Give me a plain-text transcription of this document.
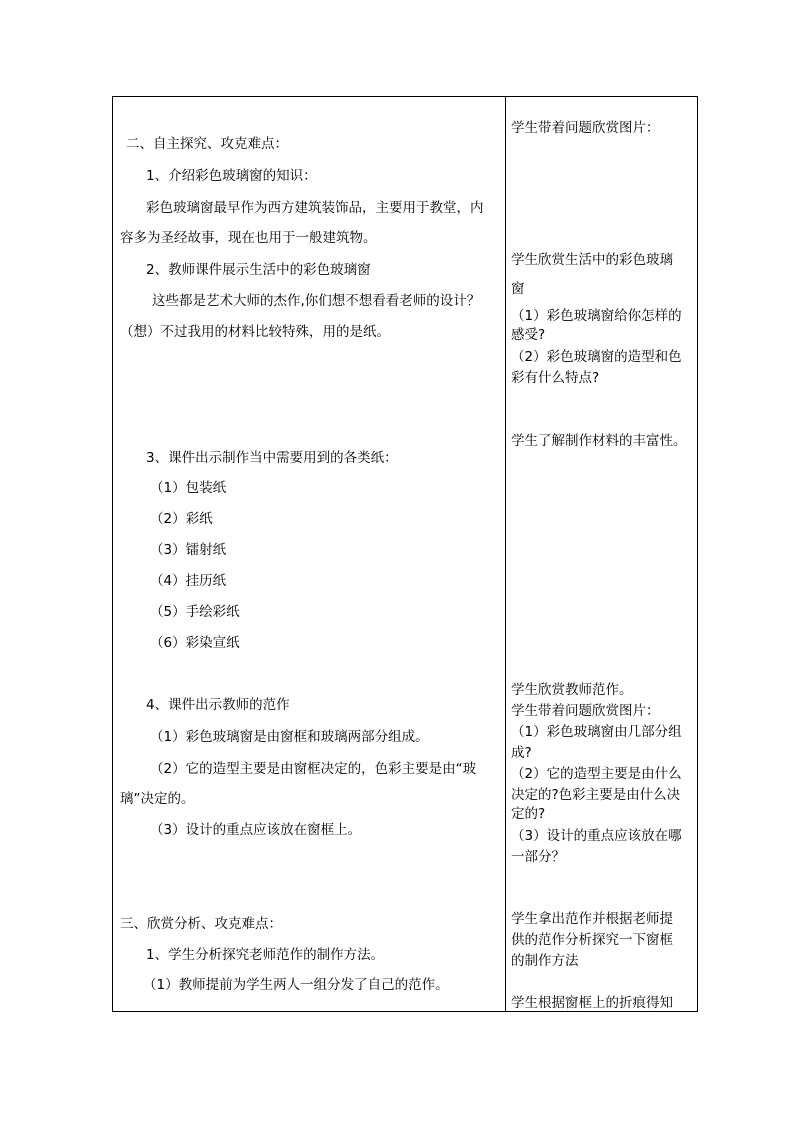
二、自主探究、攻克难点：
1、介绍彩色玻璃窗的知识：
彩色玻璃窗最早作为西方建筑装饰品，主要用于教堂，内
容多为圣经故事，现在也用于一般建筑物。
2、教师课件展示生活中的彩色玻璃窗
这些都是艺术大师的杰作,你们想不想看看老师的设计？
（想）不过我用的材料比较特殊，用的是纸。
3、课件出示制作当中需要用到的各类纸：
（1）包装纸
（2）彩纸
（3）镭射纸
（4）挂历纸
（5）手绘彩纸
（6）彩染宣纸
4、课件出示教师的范作
（1）彩色玻璃窗是由窗框和玻璃两部分组成。
（2）它的造型主要是由窗框决定的，色彩主要是由“玻
璃”决定的。
（3）设计的重点应该放在窗框上。
三、欣赏分析、攻克难点：
1、学生分析探究老师范作的制作方法。
（1）教师提前为学生两人一组分发了自己的范作。
学生带着问题欣赏图片：
学生欣赏生活中的彩色玻璃
窗
（1）彩色玻璃窗给你怎样的
感受?
（2）彩色玻璃窗的造型和色
彩有什么特点?
学生了解制作材料的丰富性。
学生欣赏教师范作。
学生带着问题欣赏图片：
（1）彩色玻璃窗由几部分组
成?
（2）它的造型主要是由什么
决定的?色彩主要是由什么决
定的?
（3）设计的重点应该放在哪
一部分？
学生拿出范作并根据老师提
供的范作分析探究一下窗框
的制作方法
学生根据窗框上的折痕得知
